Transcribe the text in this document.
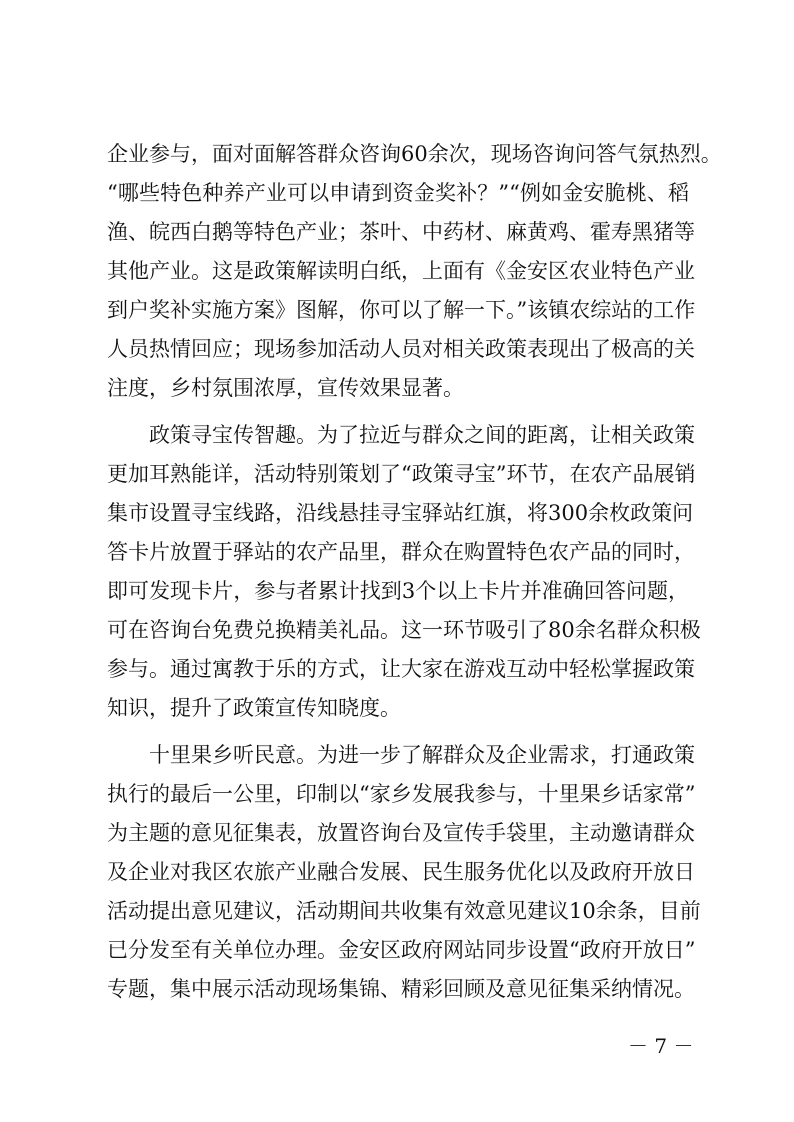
企业参与，面对面解答群众咨询60余次，现场咨询问答气氛热烈。
“哪些特色种养产业可以申请到资金奖补？”“例如金安脆桃、稻
渔、皖西白鹅等特色产业；茶叶、中药材、麻黄鸡、霍寿黑猪等
其他产业。这是政策解读明白纸，上面有《金安区农业特色产业
到户奖补实施方案》图解，你可以了解一下。”该镇农综站的工作
人员热情回应；现场参加活动人员对相关政策表现出了极高的关
注度，乡村氛围浓厚，宣传效果显著。
政策寻宝传智趣。为了拉近与群众之间的距离，让相关政策
更加耳熟能详，活动特别策划了“政策寻宝”环节，在农产品展销
集市设置寻宝线路，沿线悬挂寻宝驿站红旗，将300余枚政策问
答卡片放置于驿站的农产品里，群众在购置特色农产品的同时，
即可发现卡片，参与者累计找到3个以上卡片并准确回答问题，
可在咨询台免费兑换精美礼品。这一环节吸引了80余名群众积极
参与。通过寓教于乐的方式，让大家在游戏互动中轻松掌握政策
知识，提升了政策宣传知晓度。
十里果乡听民意。为进一步了解群众及企业需求，打通政策
执行的最后一公里，印制以“家乡发展我参与，十里果乡话家常”
为主题的意见征集表，放置咨询台及宣传手袋里，主动邀请群众
及企业对我区农旅产业融合发展、民生服务优化以及政府开放日
活动提出意见建议，活动期间共收集有效意见建议10余条，目前
已分发至有关单位办理。金安区政府网站同步设置“政府开放日”
专题，集中展示活动现场集锦、精彩回顾及意见征集采纳情况。
－ 7 －
